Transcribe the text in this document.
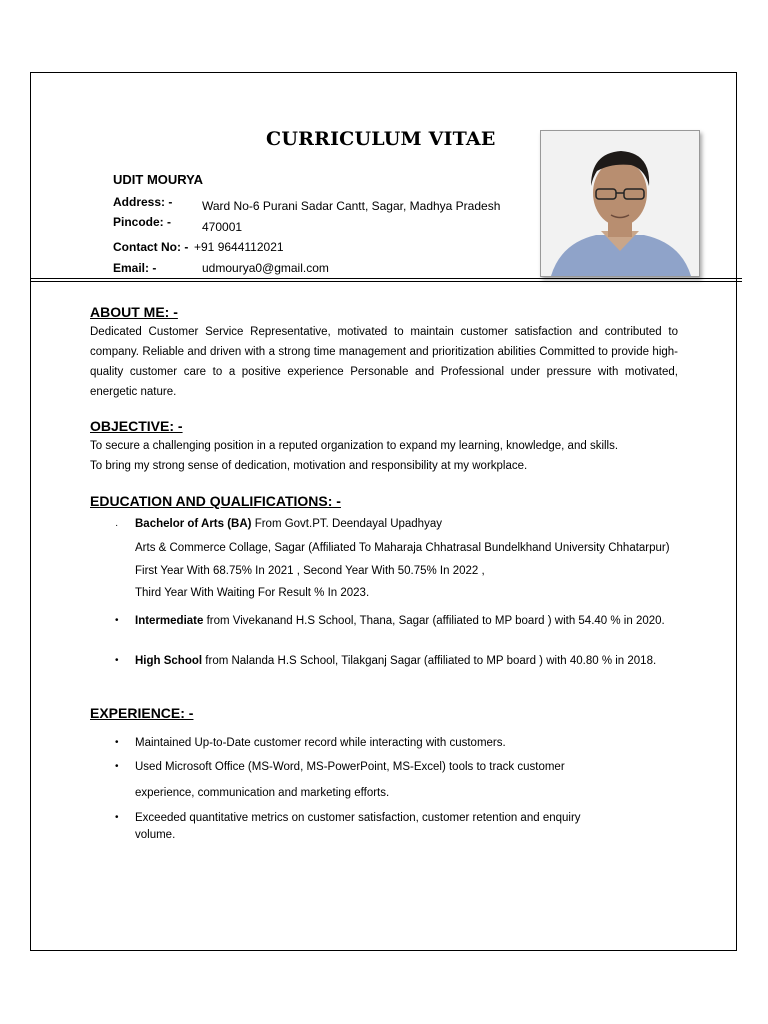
CURRICULUM VITAE
UDIT MOURYA
Address: - Ward No-6 Purani Sadar Cantt, Sagar, Madhya Pradesh
Pincode: -	470001
Contact No: - +91 9644112021
Email: -	udmourya0@gmail.com
ABOUT ME: -
Dedicated Customer Service Representative, motivated to maintain customer satisfaction and contributed to company. Reliable and driven with a strong time management and prioritization abilities Committed to provide high-quality customer care to a positive experience Personable and Professional under pressure with motivated, energetic nature.
OBJECTIVE: -
To secure a challenging position in a reputed organization to expand my learning, knowledge, and skills.
To bring my strong sense of dedication, motivation and responsibility at my workplace.
EDUCATION AND QUALIFICATIONS: -
· Bachelor of Arts (BA) From Govt.PT. Deendayal Upadhyay
Arts & Commerce Collage, Sagar (Affiliated To Maharaja Chhatrasal Bundelkhand University Chhatarpur)
First Year With 68.75% In 2021 , Second Year With 50.75% In 2022 ,
Third Year With Waiting For Result % In 2023.
• Intermediate from Vivekanand H.S School, Thana, Sagar (affiliated to MP board ) with 54.40 % in 2020.
• High School from Nalanda H.S School, Tilakganj Sagar (affiliated to MP board ) with 40.80 % in 2018.
EXPERIENCE: -
• Maintained Up-to-Date customer record while interacting with customers.
• Used Microsoft Office (MS-Word, MS-PowerPoint, MS-Excel) tools to track customer
experience, communication and marketing efforts.
• Exceeded quantitative metrics on customer satisfaction, customer retention and enquiry
volume.
